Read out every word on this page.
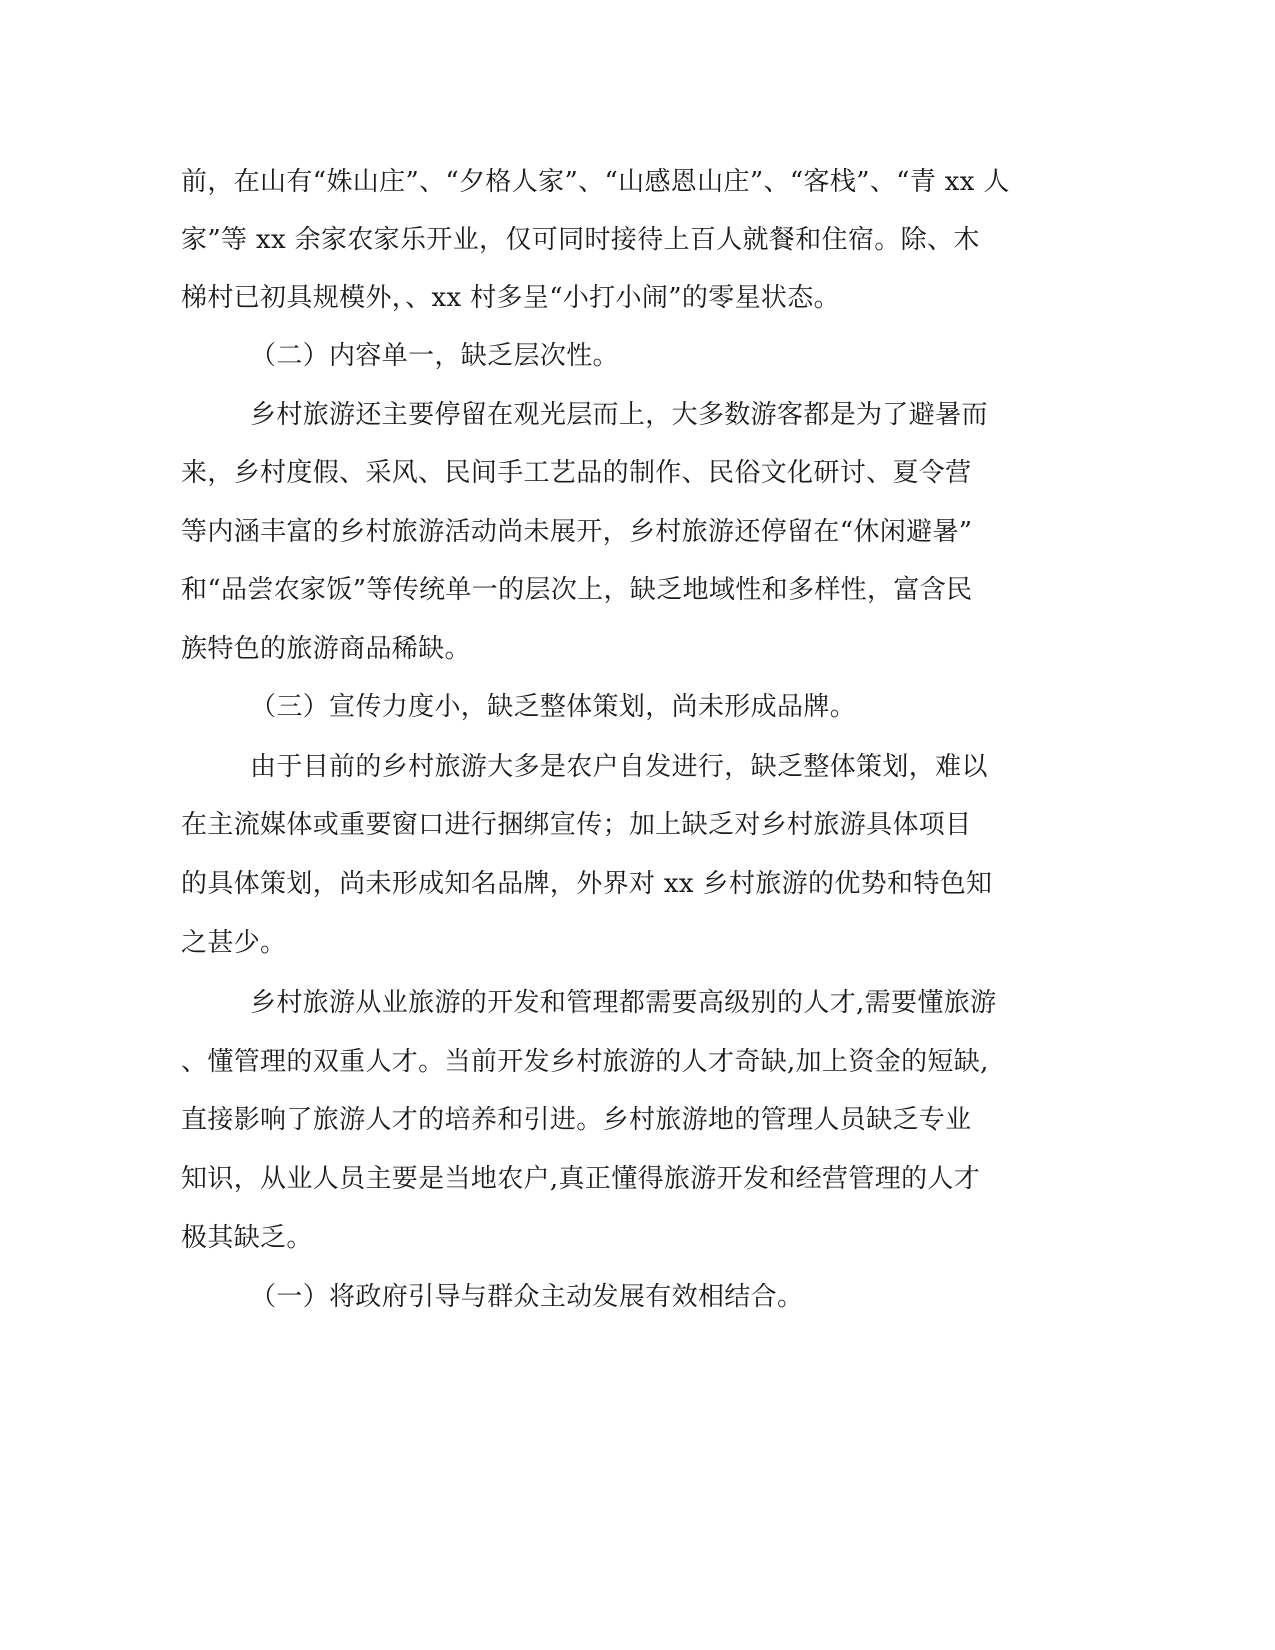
前，在山有“姝山庄”、“夕格人家”、“山感恩山庄”、“客栈”、“青 xx 人
家”等 xx 余家农家乐开业，仅可同时接待上百人就餐和住宿。除、木
梯村已初具规模外，、xx 村多呈“小打小闹”的零星状态。
（二）内容单一，缺乏层次性。
乡村旅游还主要停留在观光层而上，大多数游客都是为了避暑而
来，乡村度假、采风、民间手工艺品的制作、民俗文化研讨、夏令营
等内涵丰富的乡村旅游活动尚未展开，乡村旅游还停留在“休闲避暑”
和“品尝农家饭”等传统单一的层次上，缺乏地域性和多样性，富含民
族特色的旅游商品稀缺。
（三）宣传力度小，缺乏整体策划，尚未形成品牌。
由于目前的乡村旅游大多是农户自发进行，缺乏整体策划，难以
在主流媒体或重要窗口进行捆绑宣传；加上缺乏对乡村旅游具体项目
的具体策划，尚未形成知名品牌，外界对 xx 乡村旅游的优势和特色知
之甚少。
乡村旅游从业旅游的开发和管理都需要高级别的人才,需要懂旅游
、懂管理的双重人才。当前开发乡村旅游的人才奇缺,加上资金的短缺,
直接影响了旅游人才的培养和引进。乡村旅游地的管理人员缺乏专业
知识，从业人员主要是当地农户,真正懂得旅游开发和经营管理的人才
极其缺乏。
（一）将政府引导与群众主动发展有效相结合。
